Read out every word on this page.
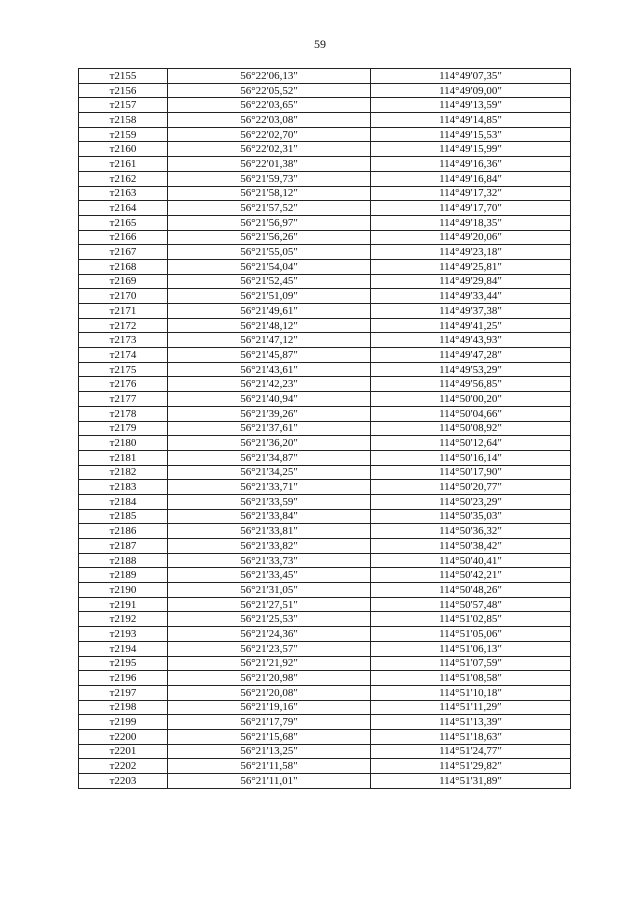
59
т2155	56°22'06,13"	114°49'07,35″
т2156	56°22'05,52"	114°49'09,00″
т2157	56°22'03,65"	114°49'13,59″
т2158	56°22'03,08"	114°49'14,85″
т2159	56°22'02,70"	114°49'15,53″
т2160	56°22'02,31"	114°49'15,99″
т2161	56°22'01,38"	114°49'16,36″
т2162	56°21'59,73"	114°49'16,84″
т2163	56°21'58,12"	114°49'17,32″
т2164	56°21'57,52"	114°49'17,70″
т2165	56°21'56,97"	114°49'18,35″
т2166	56°21'56,26"	114°49'20,06″
т2167	56°21'55,05"	114°49'23,18″
т2168	56°21'54,04"	114°49'25,81″
т2169	56°21'52,45"	114°49'29,84″
т2170	56°21'51,09"	114°49'33,44″
т2171	56°21'49,61"	114°49'37,38″
т2172	56°21'48,12"	114°49'41,25″
т2173	56°21'47,12"	114°49'43,93″
т2174	56°21'45,87"	114°49'47,28″
т2175	56°21'43,61"	114°49'53,29″
т2176	56°21'42,23"	114°49'56,85″
т2177	56°21'40,94"	114°50'00,20″
т2178	56°21'39,26"	114°50'04,66″
т2179	56°21'37,61"	114°50'08,92″
т2180	56°21'36,20"	114°50'12,64″
т2181	56°21'34,87"	114°50'16,14″
т2182	56°21'34,25"	114°50'17,90″
т2183	56°21'33,71"	114°50'20,77″
т2184	56°21'33,59"	114°50'23,29″
т2185	56°21'33,84"	114°50'35,03″
т2186	56°21'33,81"	114°50'36,32″
т2187	56°21'33,82"	114°50'38,42″
т2188	56°21'33,73"	114°50'40,41″
т2189	56°21'33,45"	114°50'42,21″
т2190	56°21'31,05"	114°50'48,26″
т2191	56°21'27,51"	114°50'57,48″
т2192	56°21'25,53"	114°51'02,85″
т2193	56°21'24,36"	114°51'05,06″
т2194	56°21'23,57"	114°51'06,13″
т2195	56°21'21,92"	114°51'07,59″
т2196	56°21'20,98"	114°51'08,58″
т2197	56°21'20,08"	114°51'10,18″
т2198	56°21'19,16"	114°51'11,29″
т2199	56°21'17,79"	114°51'13,39″
т2200	56°21'15,68"	114°51'18,63″
т2201	56°21'13,25"	114°51'24,77″
т2202	56°21'11,58"	114°51'29,82″
т2203	56°21'11,01"	114°51'31,89″
